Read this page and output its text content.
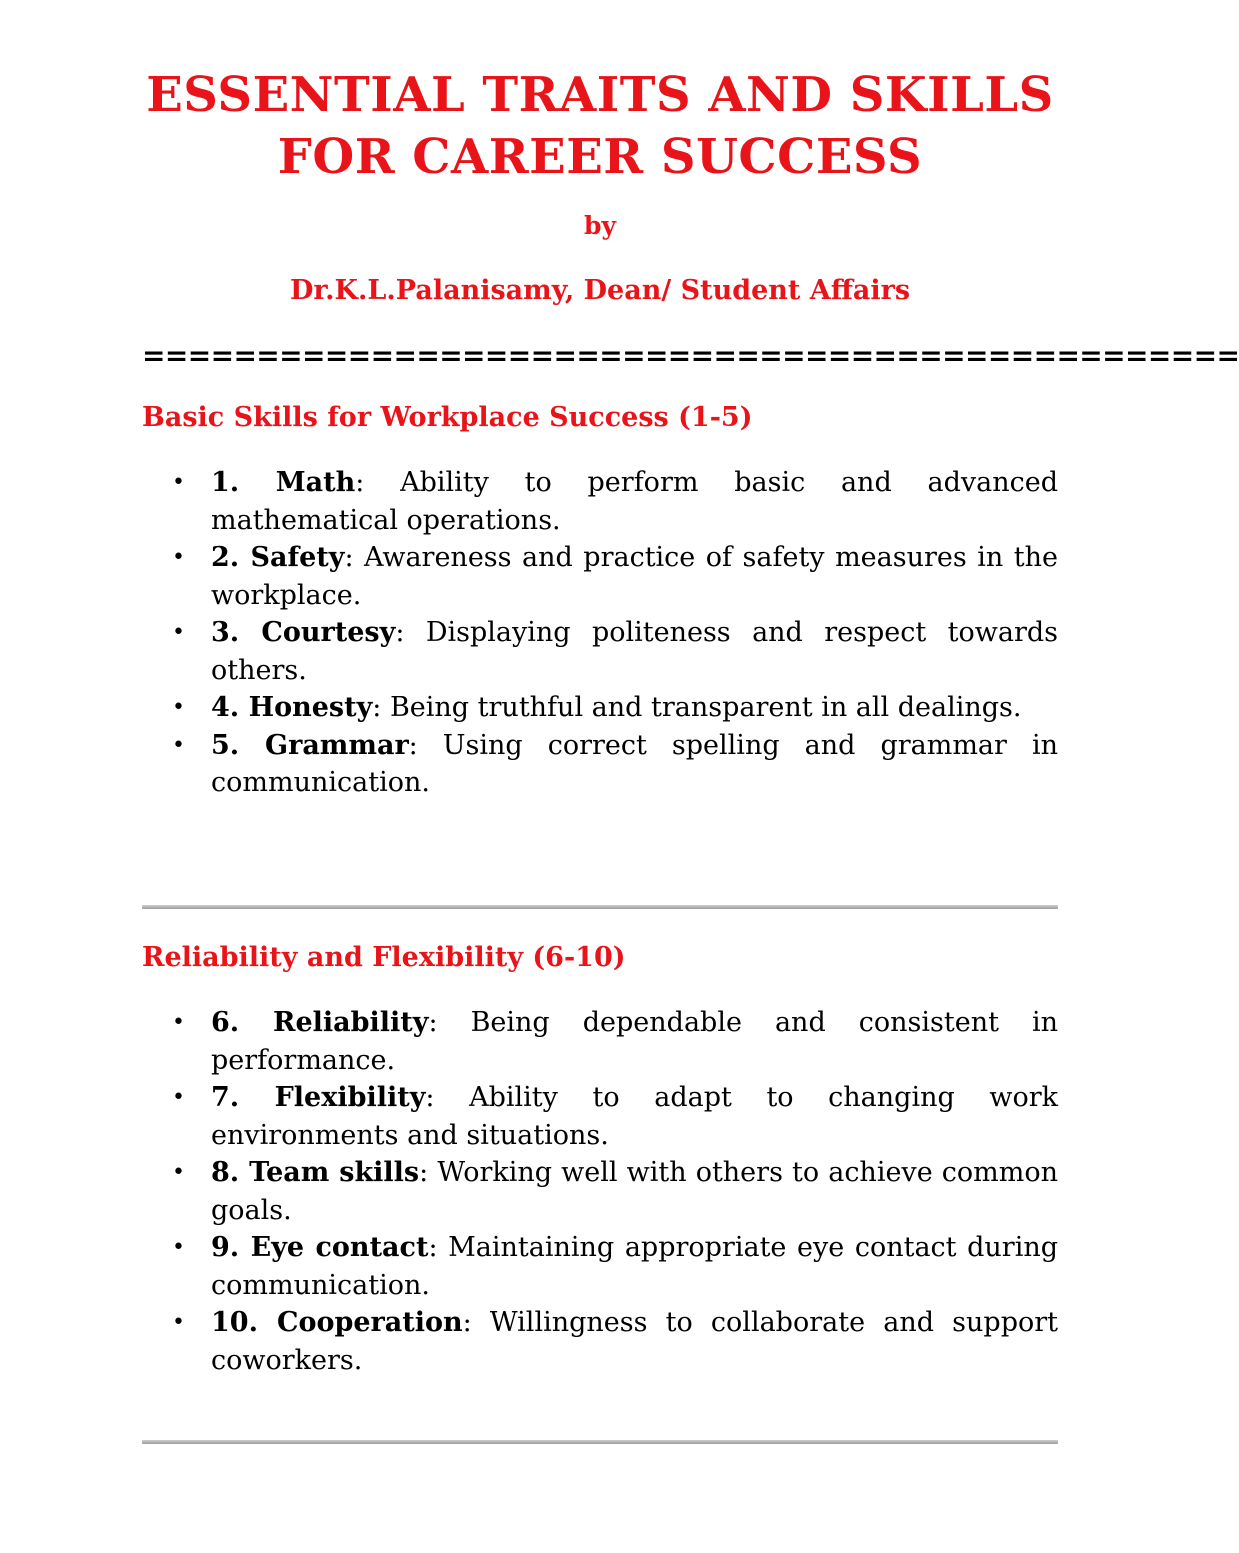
ESSENTIAL TRAITS AND SKILLS FOR CAREER SUCCESS
by
Dr.K.L.Palanisamy, Dean/ Student Affairs
================================================
Basic Skills for Workplace Success (1-5)
• 1. Math: Ability to perform basic and advanced mathematical operations.
• 2. Safety: Awareness and practice of safety measures in the workplace.
• 3. Courtesy: Displaying politeness and respect towards others.
• 4. Honesty: Being truthful and transparent in all dealings.
• 5. Grammar: Using correct spelling and grammar in communication.
Reliability and Flexibility (6-10)
• 6. Reliability: Being dependable and consistent in performance.
• 7. Flexibility: Ability to adapt to changing work environments and situations.
• 8. Team skills: Working well with others to achieve common goals.
• 9. Eye contact: Maintaining appropriate eye contact during communication.
• 10. Cooperation: Willingness to collaborate and support coworkers.
